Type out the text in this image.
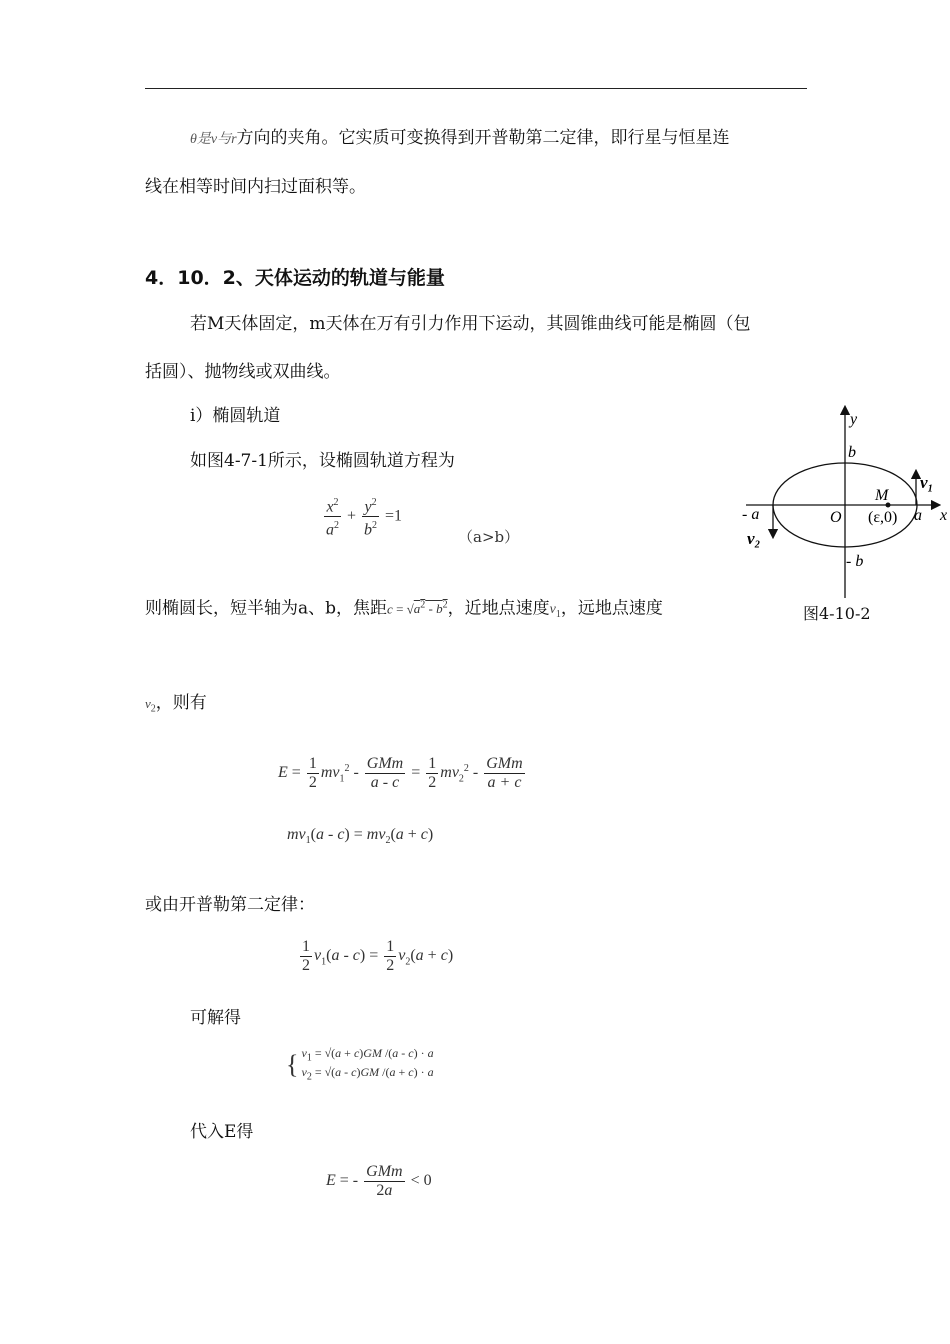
θ是v与r方向的夹角。它实质可变换得到开普勒第二定律，即行星与恒星连
线在相等时间内扫过面积等。
4．10．2、天体运动的轨道与能量
若M天体固定，m天体在万有引力作用下运动，其圆锥曲线可能是椭圆（包
括圆）、抛物线或双曲线。
i）椭圆轨道
如图4-7-1所示，设椭圆轨道方程为
$\frac{x^2}{a^2} + \frac{y^2}{b^2} =1$
（a>b）
则椭圆长，短半轴为a、b，焦距$c = √a^2 - b^2$，近地点速度$v_1$，远地点速度
$v_2$，则有
$E = \frac{1}{2} mv_1^2 - \frac{\text{GMm}}{a - c} = \frac{1}{2} mv_2^2 - \frac{\text{GMm}}{a + c}$
$mv_1(a - c) = mv_2(a + c)$
或由开普勒第二定律：
$\frac{1}{2} v_1(a - c) = \frac{1}{2} v_2(a + c)$
可解得
{ $v_1 = √(a + c)GM$ /(a - c) · a
$v_2 = √(a - c)GM$ /(a + c) · a
代入E得
E = - $\frac{\text{GMm}}{2a} < 0$
y
x
b
- b
- a	a
O
M
(ε,0)
v₁
v₂
图4-10-2
